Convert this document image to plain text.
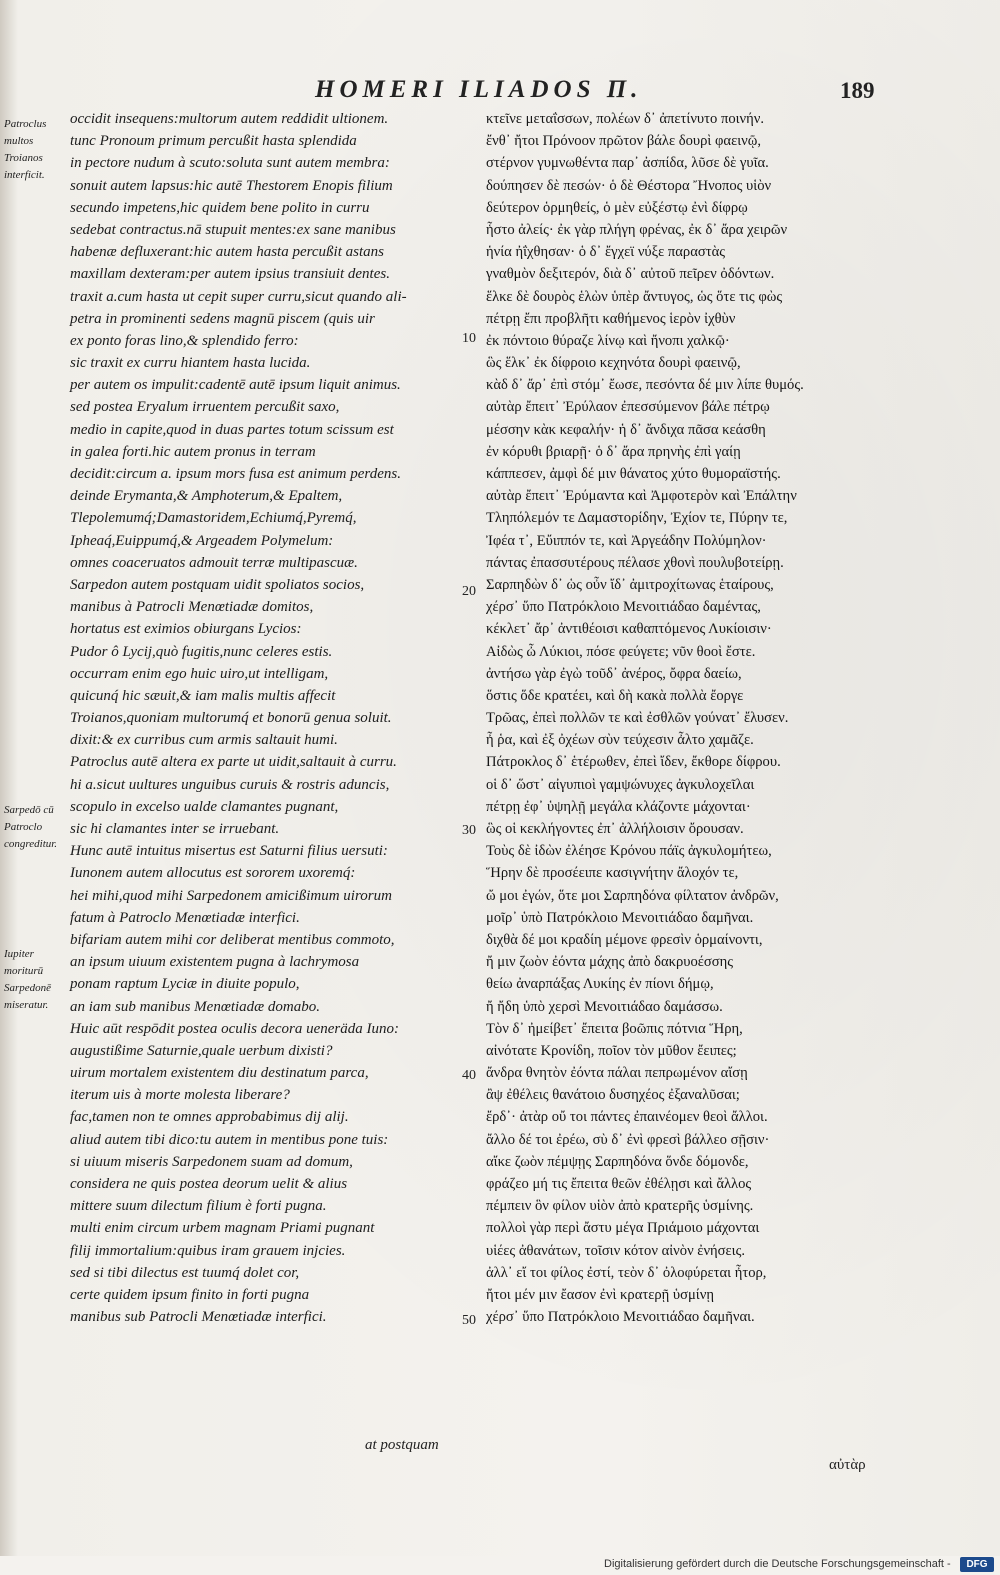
HOMERI ILIADOS Π.	189
Patroclus multos Troianos interficit.
Sarpedō cū Patroclo congreditur.
Iupiter moriturū Sarpedonē miseratur.
occidit insequens:multorum autem reddidit ultionem.
tunc Pronoum primum percußit hasta splendida
in pectore nudum à scuto:soluta sunt autem membra:
sonuit autem lapsus:hic autē Thestorem Enopis filium
secundo impetens,hic quidem bene polito in curru
sedebat contractus.nā stupuit mentes:ex sane manibus
habenæ defluxerant:hic autem hasta percußit astans
maxillam dexteram:per autem ipsius transiuit dentes.
traxit a.cum hasta ut cepit super curru,sicut quando ali-
petra in prominenti sedens magnū piscem (quis uir
ex ponto foras lino,& splendido ferro:
sic traxit ex curru hiantem hasta lucida.
per autem os impulit:cadentē autē ipsum liquit animus.
sed postea Eryalum irruentem percußit saxo,
medio in capite,quod in duas partes totum scissum est
in galea forti.hic autem pronus in terram
decidit:circum a. ipsum mors fusa est animum perdens.
deinde Erymanta,& Amphoterum,& Epaltem,
Tlepolemumq́;Damastoridem,Echiumq́,Pyremq́,
Ipheaq́,Euippumq́,& Argeadem Polymelum:
omnes coaceruatos admouit terræ multipascuæ.
Sarpedon autem postquam uidit spoliatos socios,
manibus à Patrocli Menœtiadæ domitos,
hortatus est eximios obiurgans Lycios:
Pudor ô Lycij,quò fugitis,nunc celeres estis.
occurram enim ego huic uiro,ut intelligam,
quicunq́ hic sæuit,& iam malis multis affecit
Troianos,quoniam multorumq́ et bonorū genua soluit.
dixit:& ex curribus cum armis saltauit humi.
Patroclus autē altera ex parte ut uidit,saltauit à curru.
hi a.sicut uultures unguibus curuis & rostris aduncis,
scopulo in excelso ualde clamantes pugnant,
sic hi clamantes inter se irruebant.
Hunc autē intuitus misertus est Saturni filius uersuti:
Iunonem autem allocutus est sororem uxoremq́:
hei mihi,quod mihi Sarpedonem amicißimum uirorum
fatum à Patroclo Menœtiadæ interfici.
bifariam autem mihi cor deliberat mentibus commoto,
an ipsum uiuum existentem pugna à lachrymosa
ponam raptum Lyciæ in diuite populo,
an iam sub manibus Menœtiadæ domabo.
Huic aūt respōdit postea oculis decora ueneräda Iuno:
augustißime Saturnie,quale uerbum dixisti?
uirum mortalem existentem diu destinatum parca,
iterum uis à morte molesta liberare?
fac,tamen non te omnes approbabimus dij alij.
aliud autem tibi dico:tu autem in mentibus pone tuis:
si uiuum miseris Sarpedonem suam ad domum,
considera ne quis postea deorum uelit & alius
mittere suum dilectum filium è forti pugna.
multi enim circum urbem magnam Priami pugnant
filij immortalium:quibus iram grauem injcies.
sed si tibi dilectus est tuumq́ dolet cor,
certe quidem ipsum finito in forti pugna
manibus sub Patrocli Menœtiadæ interfici.
κτεῖνε μεταΐσσων, πολέων δ᾽ ἀπετίνυτο ποινήν.
ἔνθ᾽ ἤτοι Πρόνοον πρῶτον βάλε δουρὶ φαεινῷ,
στέρνον γυμνωθέντα παρ᾽ ἀσπίδα, λῦσε δὲ γυῖα.
δούπησεν δὲ πεσών· ὁ δὲ Θέστορα Ἤνοπος υἱὸν
δεύτερον ὁρμηθείς, ὁ μὲν εὐξέστῳ ἐνὶ δίφρῳ
ἧστο ἀλείς· ἐκ γὰρ πλήγη φρένας, ἐκ δ᾽ ἄρα χειρῶν
ἡνία ἠΐχθησαν· ὁ δ᾽ ἔγχεϊ νύξε παραστὰς
γναθμὸν δεξιτερόν, διὰ δ᾽ αὐτοῦ πεῖρεν ὀδόντων.
ἕλκε δὲ δουρὸς ἑλὼν ὑπὲρ ἄντυγος, ὡς ὅτε τις φὼς
πέτρῃ ἔπι προβλῆτι καθήμενος ἱερὸν ἰχθὺν
ἐκ πόντοιο θύραζε λίνῳ καὶ ἤνοπι χαλκῷ·
ὣς ἕλκ᾽ ἐκ δίφροιο κεχηνότα δουρὶ φαεινῷ,
κὰδ δ᾽ ἄρ᾽ ἐπὶ στόμ᾽ ἔωσε, πεσόντα δέ μιν λίπε θυμός.
αὐτὰρ ἔπειτ᾽ Ἐρύλαον ἐπεσσύμενον βάλε πέτρῳ
μέσσην κὰκ κεφαλήν· ἡ δ᾽ ἄνδιχα πᾶσα κεάσθη
ἐν κόρυθι βριαρῇ· ὁ δ᾽ ἄρα πρηνὴς ἐπὶ γαίῃ
κάππεσεν, ἀμφὶ δέ μιν θάνατος χύτο θυμοραϊστής.
αὐτὰρ ἔπειτ᾽ Ἐρύμαντα καὶ Ἀμφοτερὸν καὶ Ἐπάλτην
Τληπόλεμόν τε Δαμαστορίδην, Ἐχίον τε, Πύρην τε,
Ἰφέα τ᾽, Εὔιππόν τε, καὶ Ἀργεάδην Πολύμηλον·
πάντας ἐπασσυτέρους πέλασε χθονὶ πουλυβοτείρῃ.
Σαρπηδὼν δ᾽ ὡς οὖν ἴδ᾽ ἀμιτροχίτωνας ἑταίρους,
χέρσ᾽ ὕπο Πατρόκλοιο Μενοιτιάδαο δαμέντας,
κέκλετ᾽ ἄρ᾽ ἀντιθέοισι καθαπτόμενος Λυκίοισιν·
Αἰδὼς ὦ Λύκιοι, πόσε φεύγετε; νῦν θοοὶ ἔστε.
ἀντήσω γὰρ ἐγὼ τοῦδ᾽ ἀνέρος, ὄφρα δαείω,
ὅστις ὅδε κρατέει, καὶ δὴ κακὰ πολλὰ ἔοργε
Τρῶας, ἐπεὶ πολλῶν τε καὶ ἐσθλῶν γούνατ᾽ ἔλυσεν.
ἦ ῥα, καὶ ἐξ ὀχέων σὺν τεύχεσιν ἆλτο χαμᾶζε.
Πάτροκλος δ᾽ ἑτέρωθεν, ἐπεὶ ἴδεν, ἔκθορε δίφρου.
οἱ δ᾽ ὥστ᾽ αἰγυπιοὶ γαμψώνυχες ἀγκυλοχεῖλαι
πέτρῃ ἐφ᾽ ὑψηλῇ μεγάλα κλάζοντε μάχονται·
ὣς οἱ κεκλήγοντες ἐπ᾽ ἀλλήλοισιν ὄρουσαν.
Τοὺς δὲ ἰδὼν ἐλέησε Κρόνου πάϊς ἀγκυλομήτεω,
Ἥρην δὲ προσέειπε κασιγνήτην ἄλοχόν τε,
ὤ μοι ἐγών, ὅτε μοι Σαρπηδόνα φίλτατον ἀνδρῶν,
μοῖρ᾽ ὑπὸ Πατρόκλοιο Μενοιτιάδαο δαμῆναι.
διχθὰ δέ μοι κραδίη μέμονε φρεσὶν ὁρμαίνοντι,
ἤ μιν ζωὸν ἐόντα μάχης ἀπὸ δακρυοέσσης
θείω ἀναρπάξας Λυκίης ἐν πίονι δήμῳ,
ἤ ἤδη ὑπὸ χερσὶ Μενοιτιάδαο δαμάσσω.
Τὸν δ᾽ ἠμείβετ᾽ ἔπειτα βοῶπις πότνια Ἥρη,
αἰνότατε Κρονίδη, ποῖον τὸν μῦθον ἔειπες;
ἄνδρα θνητὸν ἐόντα πάλαι πεπρωμένον αἴσῃ
ἂψ ἐθέλεις θανάτοιο δυσηχέος ἐξαναλῦσαι;
ἔρδ᾽· ἀτὰρ οὔ τοι πάντες ἐπαινέομεν θεοὶ ἄλλοι.
ἄλλο δέ τοι ἐρέω, σὺ δ᾽ ἐνὶ φρεσὶ βάλλεο σῇσιν·
αἴκε ζωὸν πέμψῃς Σαρπηδόνα ὅνδε δόμονδε,
φράζεο μή τις ἔπειτα θεῶν ἐθέλῃσι καὶ ἄλλος
πέμπειν ὃν φίλον υἱὸν ἀπὸ κρατερῆς ὑσμίνης.
πολλοὶ γὰρ περὶ ἄστυ μέγα Πριάμοιο μάχονται
υἱέες ἀθανάτων, τοῖσιν κότον αἰνὸν ἐνήσεις.
ἀλλ᾽ εἴ τοι φίλος ἐστί, τεὸν δ᾽ ὀλοφύρεται ἦτορ,
ἤτοι μέν μιν ἔασον ἐνὶ κρατερῇ ὑσμίνῃ
χέρσ᾽ ὕπο Πατρόκλοιο Μενοιτιάδαο δαμῆναι.
10
20
30
40
50
at postquam
αὐτὰρ
Digitalisierung gefördert durch die Deutsche Forschungsgemeinschaft -	DFG
